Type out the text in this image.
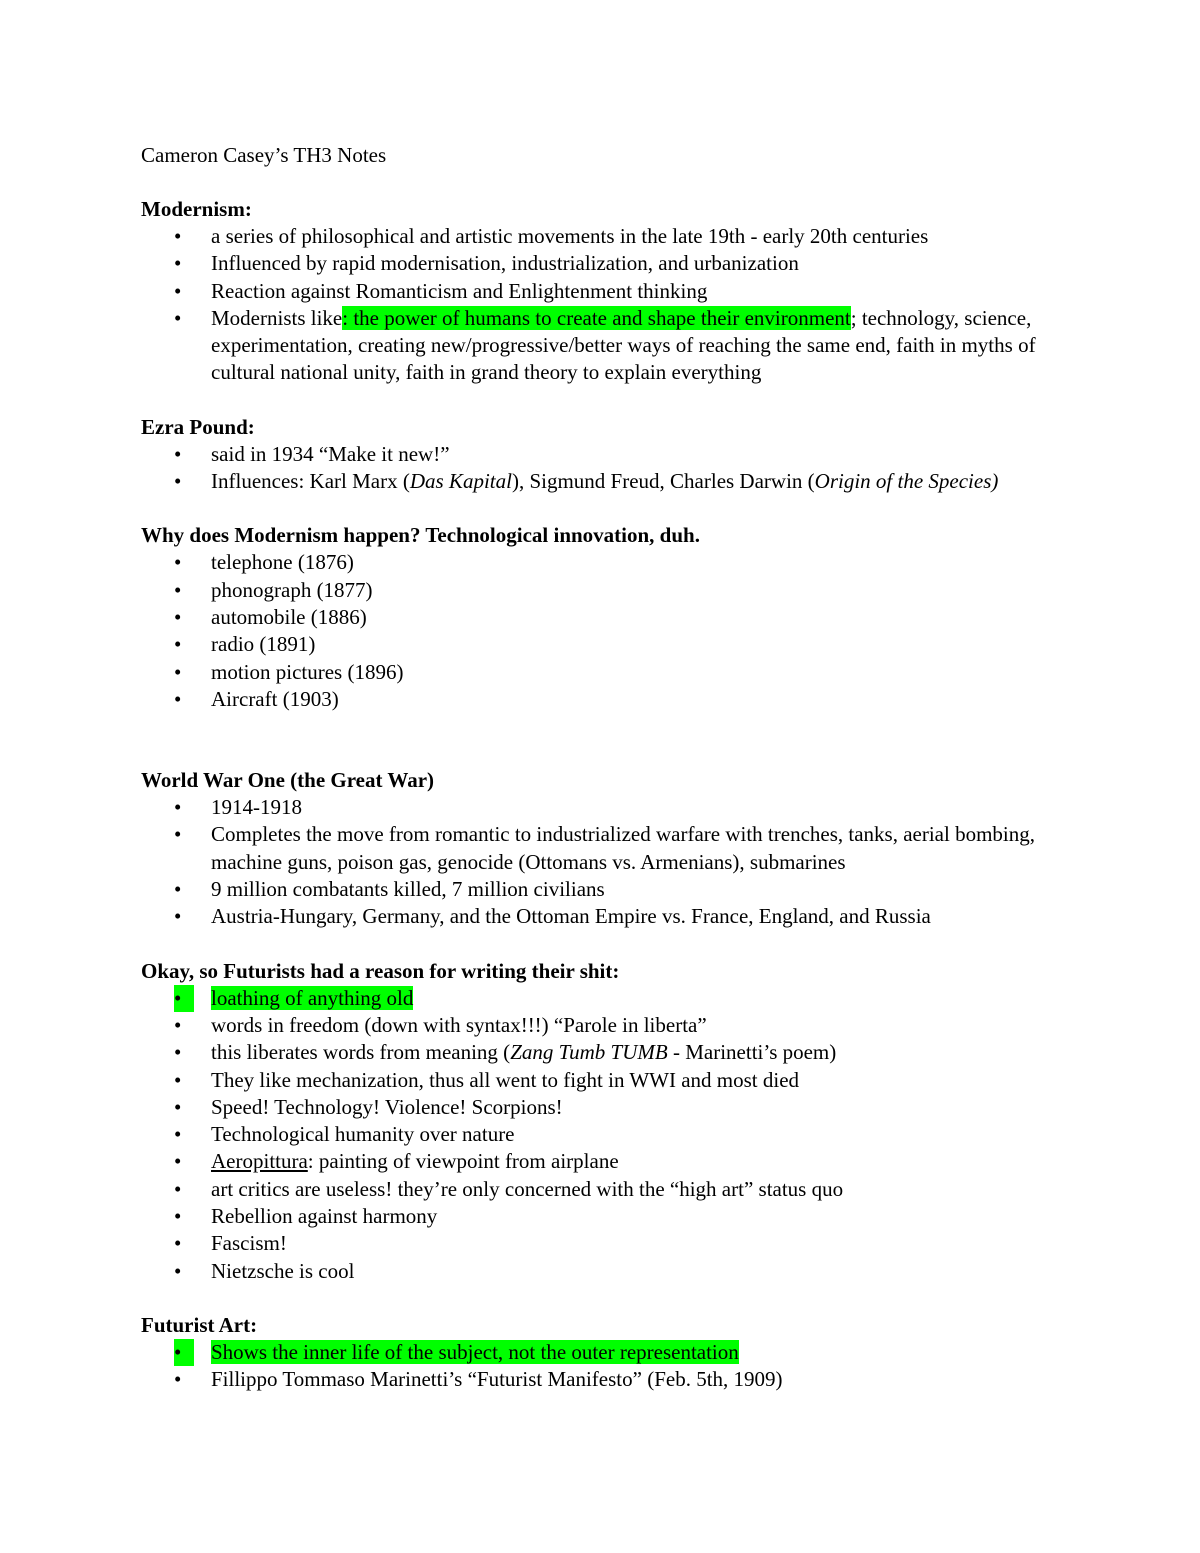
Cameron Casey’s TH3 Notes
Modernism:
•	a series of philosophical and artistic movements in the late 19th - early 20th centuries
•	Influenced by rapid modernisation, industrialization, and urbanization
•	Reaction against Romanticism and Enlightenment thinking
•	Modernists like: the power of humans to create and shape their environment; technology, science, experimentation, creating new/progressive/better ways of reaching the same end, faith in myths of cultural national unity, faith in grand theory to explain everything
Ezra Pound:
•	said in 1934 “Make it new!”
•	Influences: Karl Marx (Das Kapital), Sigmund Freud, Charles Darwin (Origin of the Species)
Why does Modernism happen? Technological innovation, duh.
•	telephone (1876)
•	phonograph (1877)
•	automobile (1886)
•	radio (1891)
•	motion pictures (1896)
•	Aircraft (1903)
World War One (the Great War)
•	1914-1918
•	Completes the move from romantic to industrialized warfare with trenches, tanks, aerial bombing, machine guns, poison gas, genocide (Ottomans vs. Armenians), submarines
•	9 million combatants killed, 7 million civilians
•	Austria-Hungary, Germany, and the Ottoman Empire vs. France, England, and Russia
Okay, so Futurists had a reason for writing their shit:
•	loathing of anything old
•	words in freedom (down with syntax!!!) “Parole in liberta”
•	this liberates words from meaning (Zang Tumb TUMB - Marinetti’s poem)
•	They like mechanization, thus all went to fight in WWI and most died
•	Speed! Technology! Violence! Scorpions!
•	Technological humanity over nature
•	Aeropittura: painting of viewpoint from airplane
•	art critics are useless! they’re only concerned with the “high art” status quo
•	Rebellion against harmony
•	Fascism!
•	Nietzsche is cool
Futurist Art:
•	Shows the inner life of the subject, not the outer representation
•	Fillippo Tommaso Marinetti’s “Futurist Manifesto” (Feb. 5th, 1909)
